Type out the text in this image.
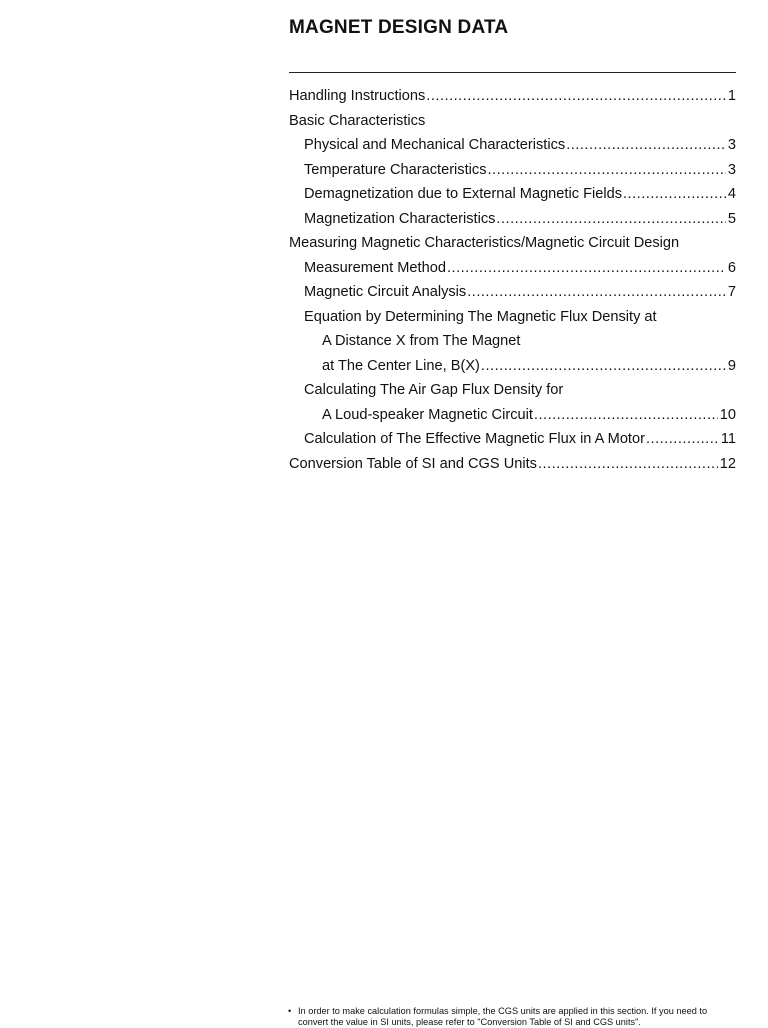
MAGNET DESIGN DATA
Handling Instructions .....	1
Basic Characteristics
Physical and Mechanical Characteristics .....	3
Temperature Characteristics .....	3
Demagnetization due to External Magnetic Fields .....	4
Magnetization Characteristics .....	5
Measuring Magnetic Characteristics/Magnetic Circuit Design
Measurement Method .....	6
Magnetic Circuit Analysis .....	7
Equation by Determining The Magnetic Flux Density at
A Distance X from The Magnet
at The Center Line, B(X) .....	9
Calculating The Air Gap Flux Density for
A Loud-speaker Magnetic Circuit .....	10
Calculation of The Effective Magnetic Flux in A Motor .....	11
Conversion Table of SI and CGS Units .....	12
• In order to make calculation formulas simple, the CGS units are applied in this section. If you need to convert the value in SI units, please refer to "Conversion Table of SI and CGS units".
